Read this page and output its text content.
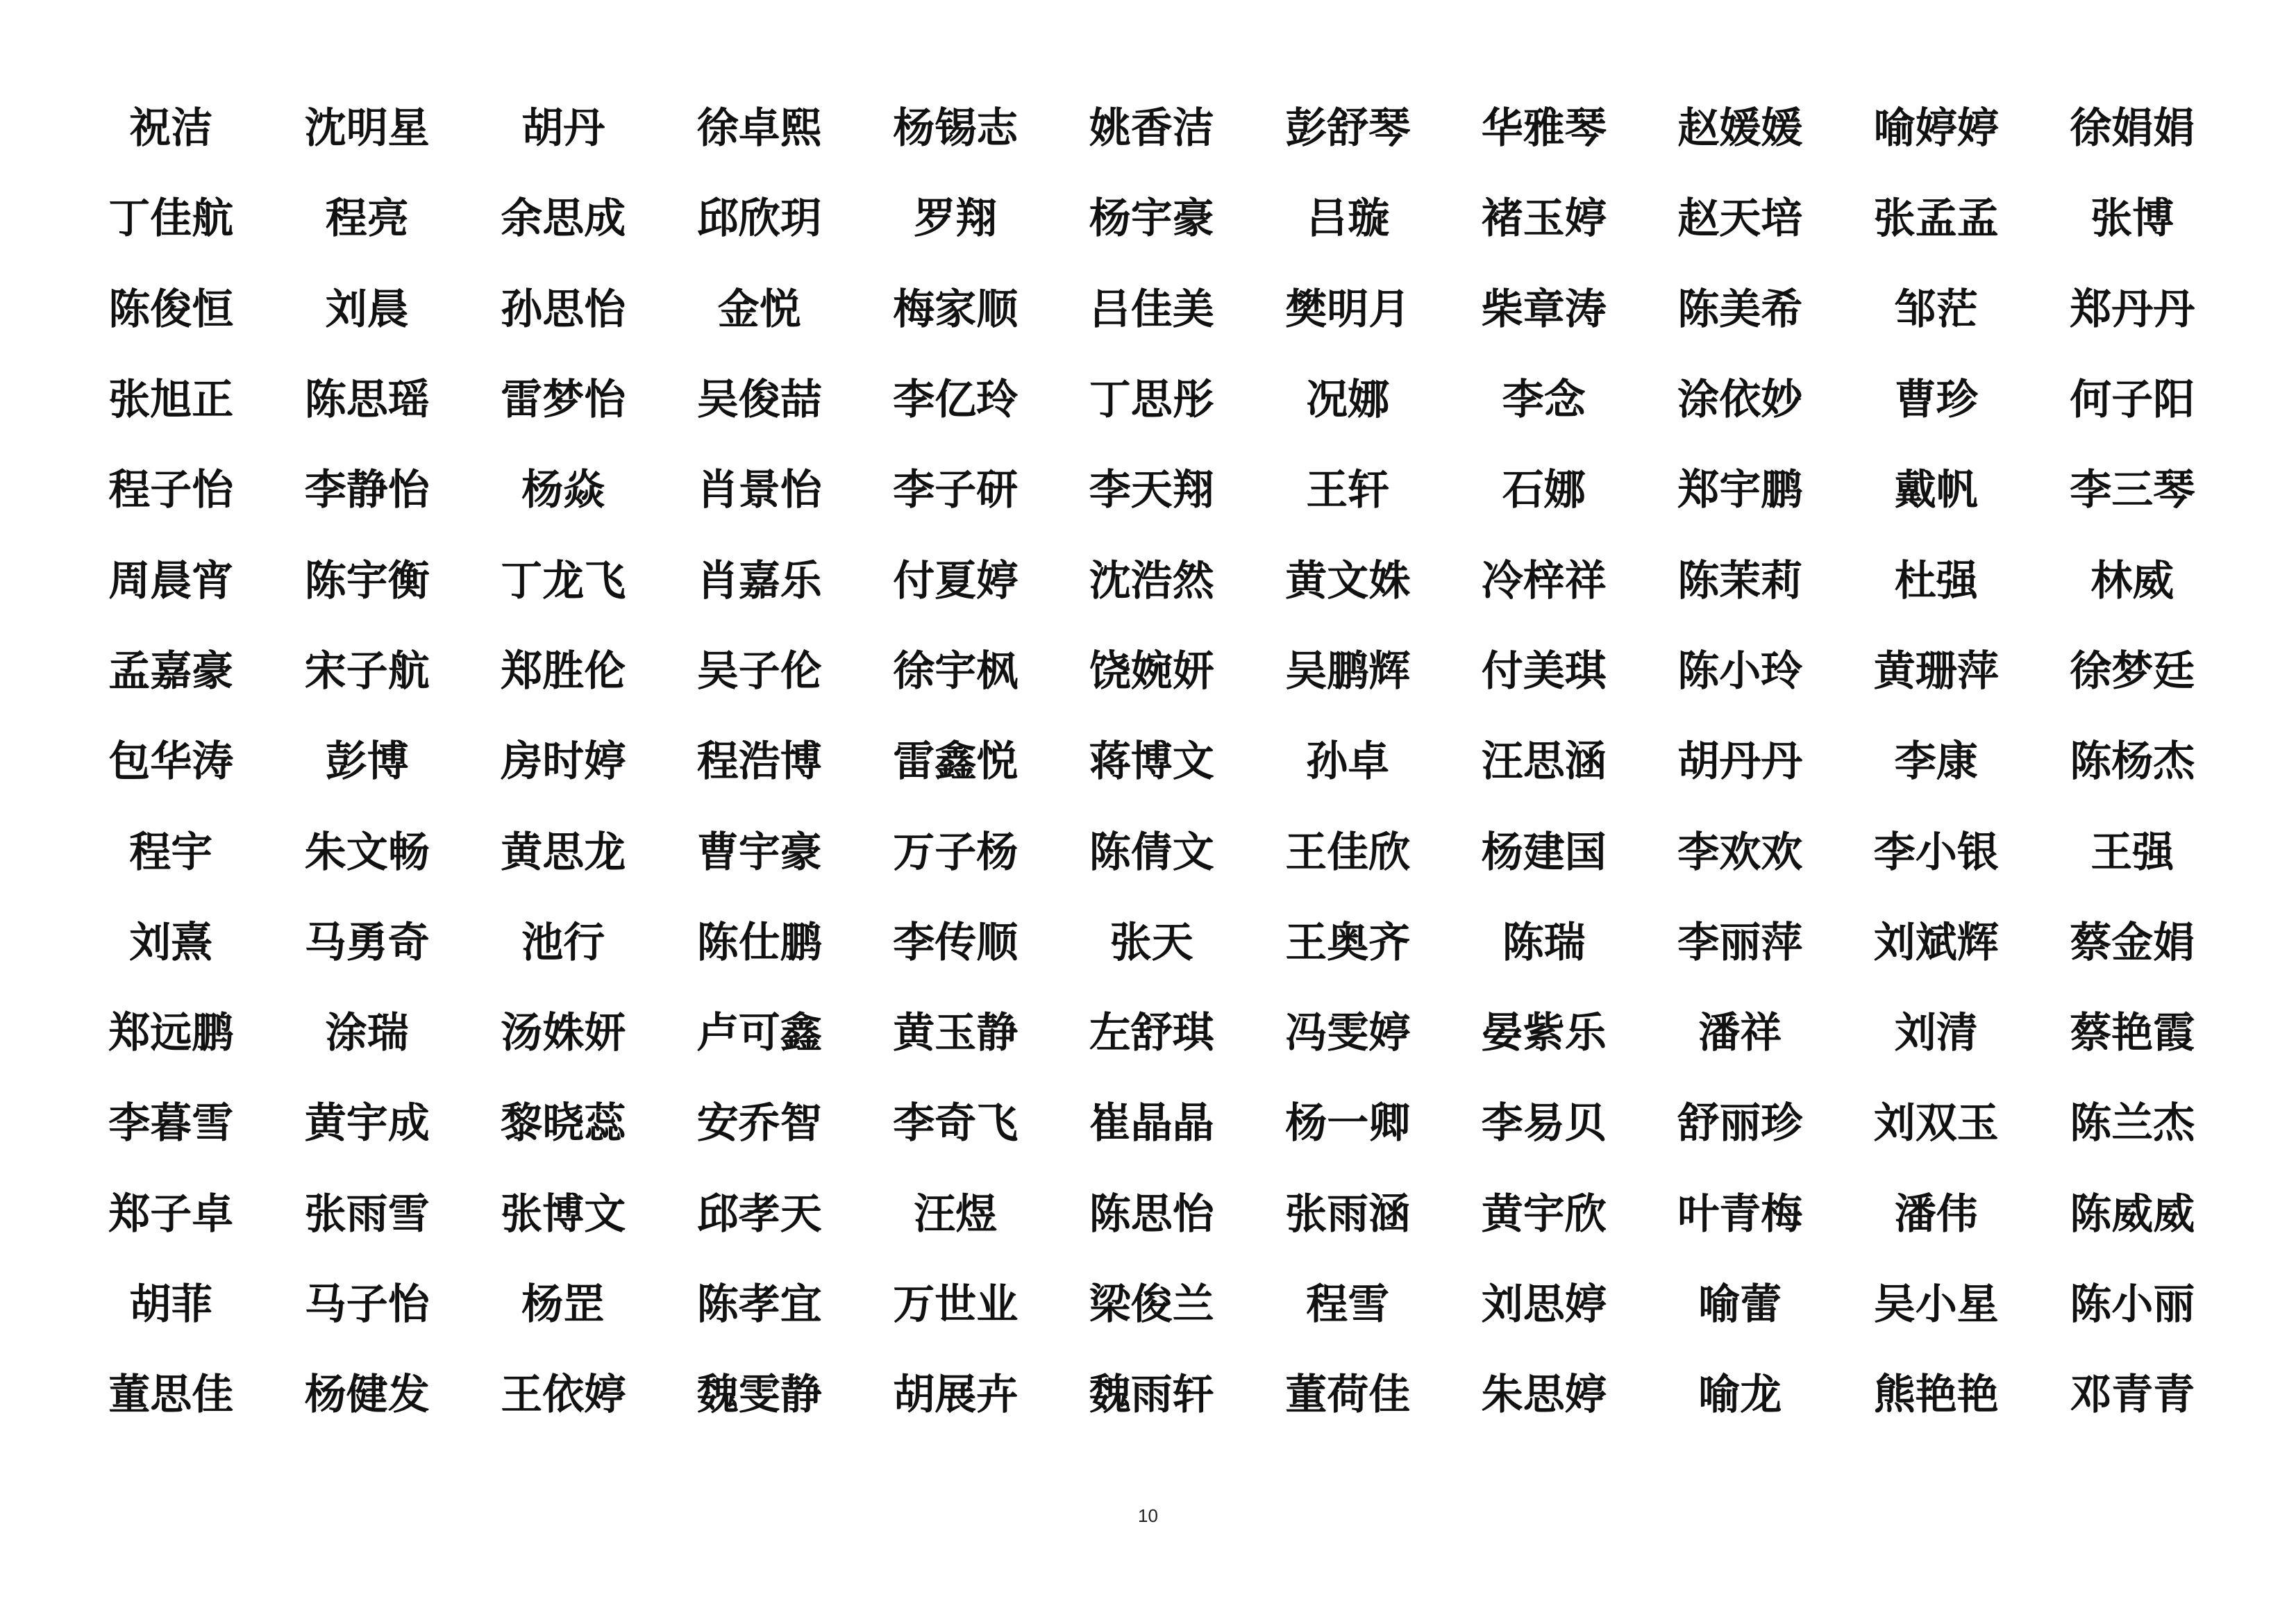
祝洁	沈明星	胡丹	徐卓熙	杨锡志	姚香洁	彭舒琴	华雅琴	赵媛媛	喻婷婷	徐娟娟
丁佳航	程亮	余思成	邱欣玥	罗翔	杨宇豪	吕璇	褚玉婷	赵天培	张孟孟	张博
陈俊恒	刘晨	孙思怡	金悦	梅家顺	吕佳美	樊明月	柴章涛	陈美希	邹茫	郑丹丹
张旭正	陈思瑶	雷梦怡	吴俊喆	李亿玲	丁思彤	况娜	李念	涂依妙	曹珍	何子阳
程子怡	李静怡	杨焱	肖景怡	李子研	李天翔	王轩	石娜	郑宇鹏	戴帆	李三琴
周晨宵	陈宇衡	丁龙飞	肖嘉乐	付夏婷	沈浩然	黄文姝	冷梓祥	陈茉莉	杜强	林威
孟嘉豪	宋子航	郑胜伦	吴子伦	徐宇枫	饶婉妍	吴鹏辉	付美琪	陈小玲	黄珊萍	徐梦廷
包华涛	彭博	房时婷	程浩博	雷鑫悦	蒋博文	孙卓	汪思涵	胡丹丹	李康	陈杨杰
程宇	朱文畅	黄思龙	曹宇豪	万子杨	陈倩文	王佳欣	杨建国	李欢欢	李小银	王强
刘熹	马勇奇	池行	陈仕鹏	李传顺	张天	王奥齐	陈瑞	李丽萍	刘斌辉	蔡金娟
郑远鹏	涂瑞	汤姝妍	卢可鑫	黄玉静	左舒琪	冯雯婷	晏紫乐	潘祥	刘清	蔡艳霞
李暮雪	黄宇成	黎晓蕊	安乔智	李奇飞	崔晶晶	杨一卿	李易贝	舒丽珍	刘双玉	陈兰杰
郑子卓	张雨雪	张博文	邱孝天	汪煜	陈思怡	张雨涵	黄宇欣	叶青梅	潘伟	陈威威
胡菲	马子怡	杨罡	陈孝宜	万世业	梁俊兰	程雪	刘思婷	喻蕾	吴小星	陈小丽
董思佳	杨健发	王依婷	魏雯静	胡展卉	魏雨轩	董荷佳	朱思婷	喻龙	熊艳艳	邓青青
10
